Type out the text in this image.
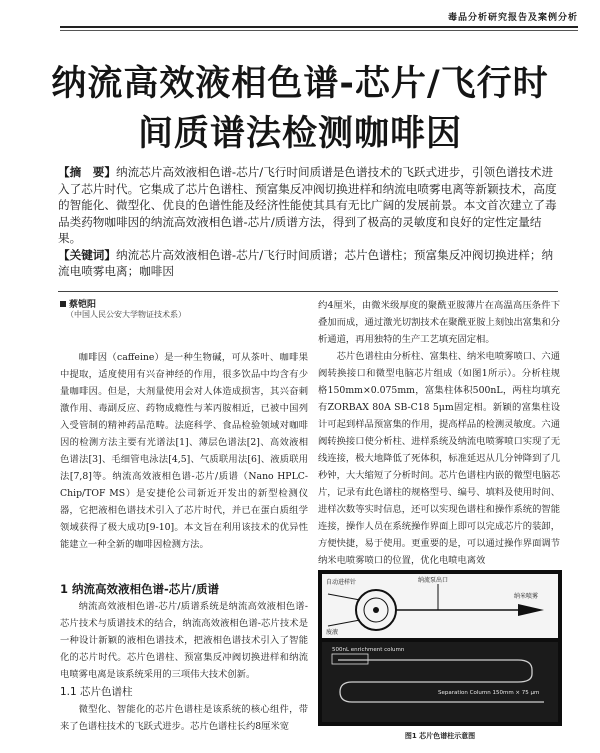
毒品分析研究报告及案例分析
纳流高效液相色谱-芯片/飞行时
间质谱法检测咖啡因

【摘　要】纳流芯片高效液相色谱-芯片/飞行时间质谱是色谱技术的飞跃式进步，引领色谱技术进入了芯片时代。它集成了芯片色谱柱、预富集反冲阀切换进样和纳流电喷雾电离等新颖技术，高度的智能化、微型化、优良的色谱性能及经济性能使其具有无比广阔的发展前景。本文首次建立了毒品类药物咖啡因的纳流高效液相色谱-芯片/质谱方法，得到了极高的灵敏度和良好的定性定量结果。

【关键词】纳流芯片高效液相色谱-芯片/飞行时间质谱；芯片色谱柱；预富集反冲阀切换进样；纳流电喷雾电离；咖啡因

蔡铠阳
（中国人民公安大学物证技术系）

咖啡因（caffeine）是一种生物碱，可从茶叶、咖啡果中提取，适度使用有兴奋神经的作用，很多饮品中均含有少量咖啡因。但是，大剂量使用会对人体造成损害，其兴奋刺激作用、毒副反应、药物成瘾性与苯丙胺相近，已被中国列入受管制的精神药品范畴。法庭科学、食品检验领域对咖啡因的检测方法主要有光谱法[1]、薄层色谱法[2]、高效液相色谱法[3]、毛细管电泳法[4,5]、气质联用法[6]、液质联用法[7,8]等。纳流高效液相色谱-芯片/质谱（Nano HPLC-Chip/TOF MS）是安捷伦公司新近开发出的新型检测仪器，它把液相色谱技术引入了芯片时代，并已在蛋白质组学领域获得了极大成功[9-10]。本文旨在利用该技术的优异性能建立一种全新的咖啡因检测方法。

1 纳流高效液相色谱-芯片/质谱

纳流高效液相色谱-芯片/质谱系统是纳流高效液相色谱-芯片技术与质谱技术的结合，纳流高效液相色谱-芯片技术是一种设计新颖的液相色谱技术，把液相色谱技术引入了智能化的芯片时代。芯片色谱柱、预富集反冲阀切换进样和纳流电喷雾电离是该系统采用的三项伟大技术创新。

1.1 芯片色谱柱

微型化、智能化的芯片色谱柱是该系统的核心组件，带来了色谱柱技术的飞跃式进步。芯片色谱柱长约8厘米宽

约4厘米，由微米级厚度的聚酰亚胺薄片在高温高压条件下叠加而成，通过激光切割技术在聚酰亚胺上刻蚀出富集和分析通道，再用独特的生产工艺填充固定相。

芯片色谱柱由分析柱、富集柱、纳米电喷雾喷口、六通阀转换接口和微型电脑芯片组成（如图1所示）。分析柱规格150mm×0.075mm，富集柱体积500nL，两柱均填充有ZORBAX 80A SB-C18 5μm固定相。新颖的富集柱设计可起到样品预富集的作用，提高样品的检测灵敏度。六通阀转换接口使分析柱、进样系统及纳流电喷雾喷口实现了无线连接，极大地降低了死体积，标准延迟从几分钟降到了几秒钟，大大缩短了分析时间。芯片色谱柱内嵌的微型电脑芯片，记录有此色谱柱的规格型号、编号、填料及使用时间、进样次数等实时信息，还可以实现色谱柱和操作系统的智能连接，操作人员在系统操作界面上即可以完成芯片的装卸，方便快捷，易于使用。更重要的是，可以通过操作界面调节纳米电喷雾喷口的位置，优化电喷电离效

自动进样针
废液
纳流泵出口
纳米喷雾
500nL enrichment column
Separation Column 150mm × 75 μm
图1 芯片色谱柱示意图
